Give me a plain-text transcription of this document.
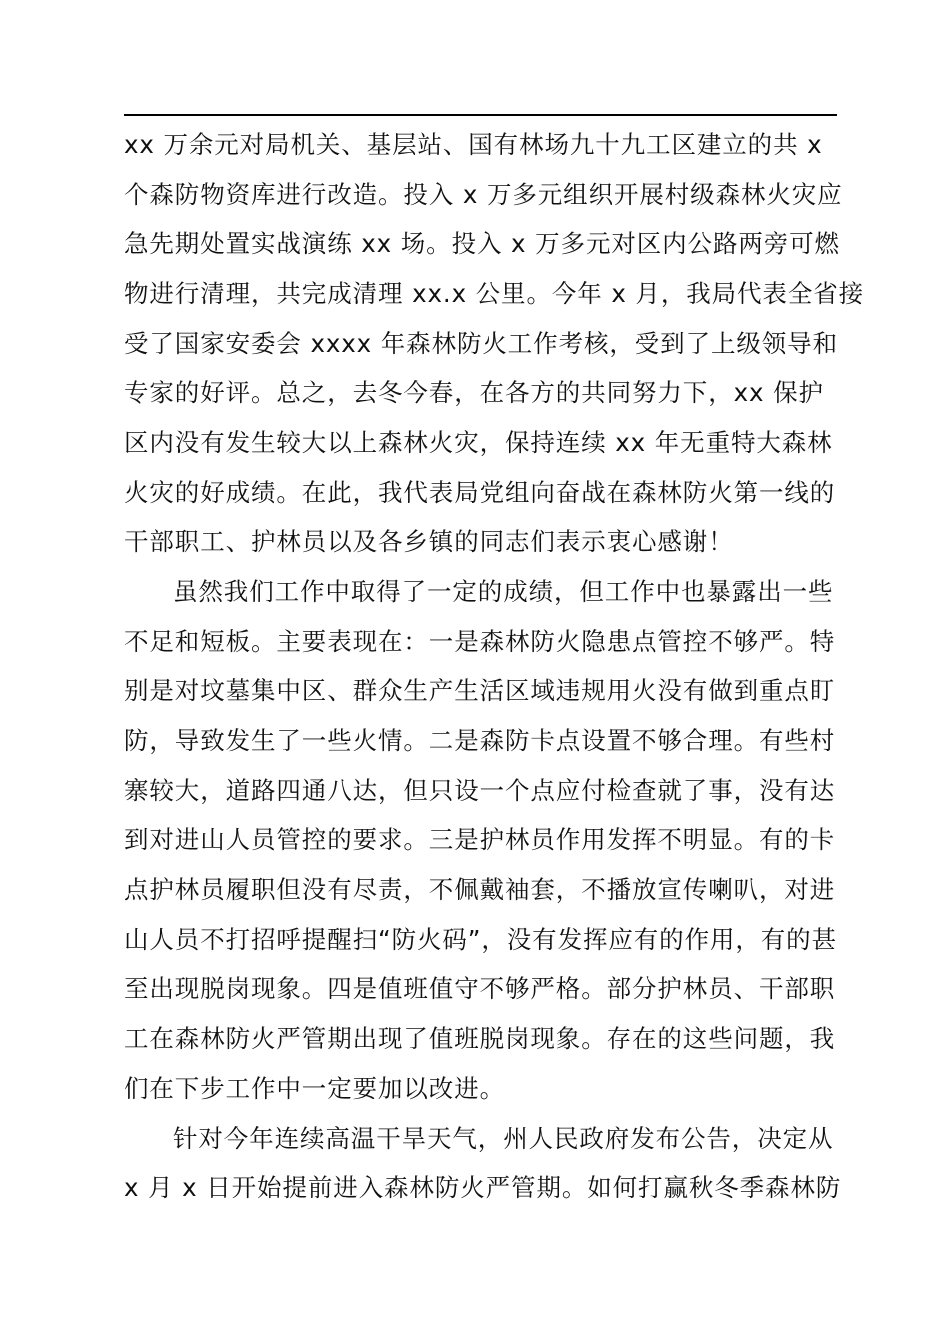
xx 万余元对局机关、基层站、国有林场九十九工区建立的共 x
个森防物资库进行改造。投入 x 万多元组织开展村级森林火灾应
急先期处置实战演练 xx 场。投入 x 万多元对区内公路两旁可燃
物进行清理，共完成清理 xx.x 公里。今年 x 月，我局代表全省接
受了国家安委会 xxxx 年森林防火工作考核，受到了上级领导和
专家的好评。总之，去冬今春，在各方的共同努力下，xx 保护
区内没有发生较大以上森林火灾，保持连续 xx 年无重特大森林
火灾的好成绩。在此，我代表局党组向奋战在森林防火第一线的
干部职工、护林员以及各乡镇的同志们表示衷心感谢！
虽然我们工作中取得了一定的成绩，但工作中也暴露出一些
不足和短板。主要表现在：一是森林防火隐患点管控不够严。特
别是对坟墓集中区、群众生产生活区域违规用火没有做到重点盯
防，导致发生了一些火情。二是森防卡点设置不够合理。有些村
寨较大，道路四通八达，但只设一个点应付检查就了事，没有达
到对进山人员管控的要求。三是护林员作用发挥不明显。有的卡
点护林员履职但没有尽责，不佩戴袖套，不播放宣传喇叭，对进
山人员不打招呼提醒扫“防火码”，没有发挥应有的作用，有的甚
至出现脱岗现象。四是值班值守不够严格。部分护林员、干部职
工在森林防火严管期出现了值班脱岗现象。存在的这些问题，我
们在下步工作中一定要加以改进。
针对今年连续高温干旱天气，州人民政府发布公告，决定从
x 月 x 日开始提前进入森林防火严管期。如何打赢秋冬季森林防
